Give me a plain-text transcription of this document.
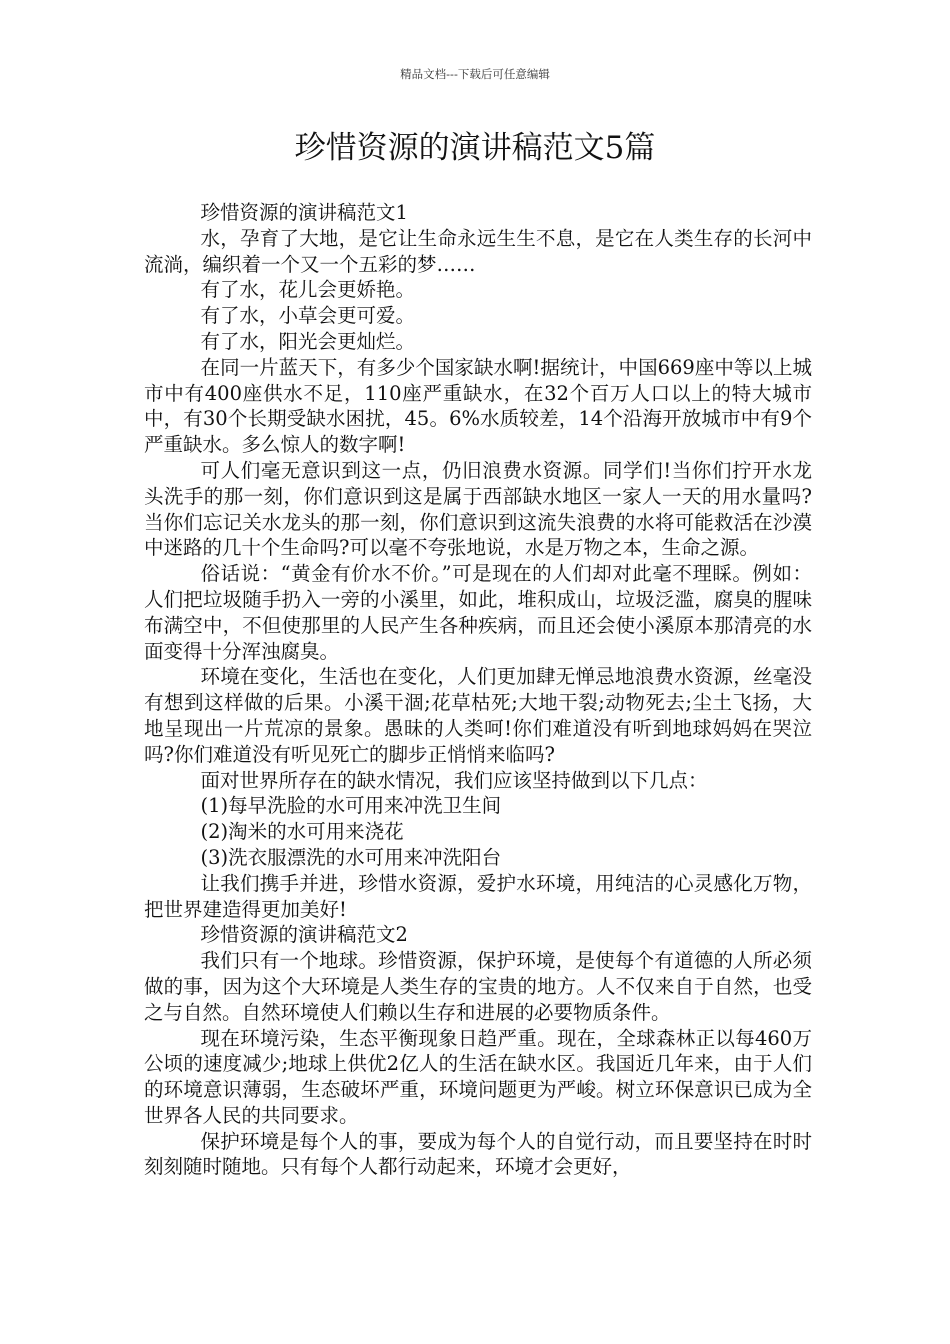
精品文档---下载后可任意编辑
珍惜资源的演讲稿范文5篇

珍惜资源的演讲稿范文1

水，孕育了大地，是它让生命永远生生不息，是它在人类生存的长河中流淌，编织着一个又一个五彩的梦……

有了水，花儿会更娇艳。

有了水，小草会更可爱。

有了水，阳光会更灿烂。

在同一片蓝天下，有多少个国家缺水啊!据统计，中国669座中等以上城市中有400座供水不足，110座严重缺水，在32个百万人口以上的特大城市中，有30个长期受缺水困扰，45。6%水质较差，14个沿海开放城市中有9个严重缺水。多么惊人的数字啊!

可人们毫无意识到这一点，仍旧浪费水资源。同学们!当你们拧开水龙头洗手的那一刻，你们意识到这是属于西部缺水地区一家人一天的用水量吗?当你们忘记关水龙头的那一刻，你们意识到这流失浪费的水将可能救活在沙漠中迷路的几十个生命吗?可以毫不夸张地说，水是万物之本，生命之源。

俗话说：“黄金有价水不价。”可是现在的人们却对此毫不理睬。例如：人们把垃圾随手扔入一旁的小溪里，如此，堆积成山，垃圾泛滥，腐臭的腥味布满空中，不但使那里的人民产生各种疾病，而且还会使小溪原本那清亮的水面变得十分浑浊腐臭。

环境在变化，生活也在变化，人们更加肆无惮忌地浪费水资源，丝毫没有想到这样做的后果。小溪干涸;花草枯死;大地干裂;动物死去;尘土飞扬，大地呈现出一片荒凉的景象。愚昧的人类呵!你们难道没有听到地球妈妈在哭泣吗?你们难道没有听见死亡的脚步正悄悄来临吗?

面对世界所存在的缺水情况，我们应该坚持做到以下几点：

(1)每早洗脸的水可用来冲洗卫生间

(2)淘米的水可用来浇花

(3)洗衣服漂洗的水可用来冲洗阳台

让我们携手并进，珍惜水资源，爱护水环境，用纯洁的心灵感化万物，把世界建造得更加美好!

珍惜资源的演讲稿范文2

我们只有一个地球。珍惜资源，保护环境，是使每个有道德的人所必须做的事，因为这个大环境是人类生存的宝贵的地方。人不仅来自于自然，也受之与自然。自然环境使人们赖以生存和进展的必要物质条件。

现在环境污染，生态平衡现象日趋严重。现在，全球森林正以每460万公顷的速度减少;地球上供优2亿人的生活在缺水区。我国近几年来，由于人们的环境意识薄弱，生态破坏严重，环境问题更为严峻。树立环保意识已成为全世界各人民的共同要求。

保护环境是每个人的事，要成为每个人的自觉行动，而且要坚持在时时刻刻随时随地。只有每个人都行动起来，环境才会更好，
